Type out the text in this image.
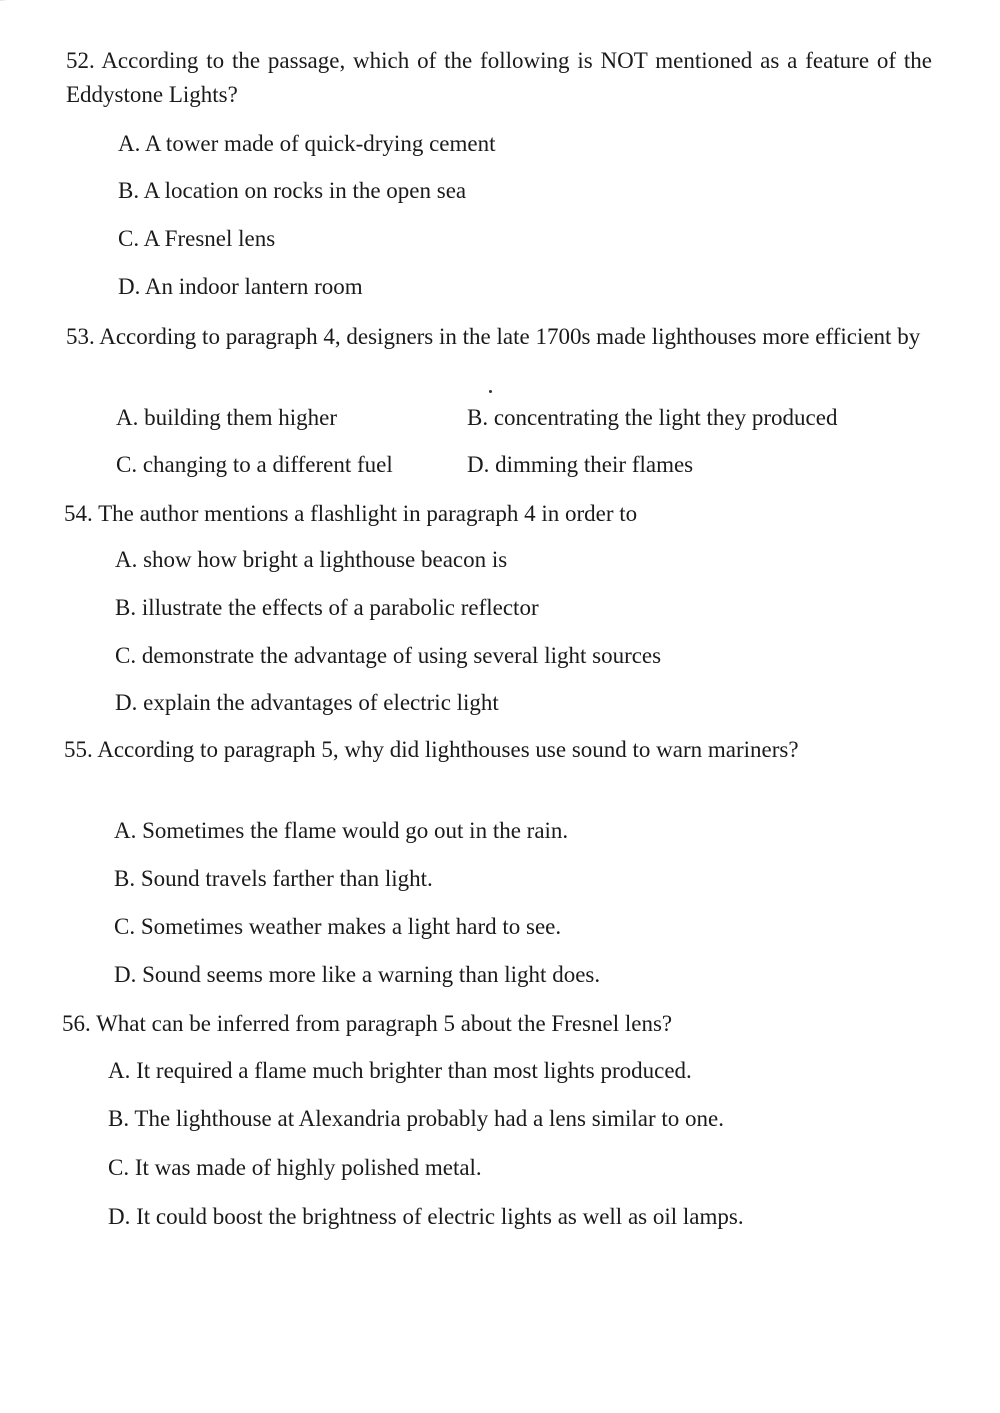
52. According to the passage, which of the following is NOT mentioned as a feature of the Eddystone Lights?
A. A tower made of quick-drying cement
B. A location on rocks in the open sea
C. A Fresnel lens
D. An indoor lantern room
53. According to paragraph 4, designers in the late 1700s made lighthouses more efficient by
A. building them higher	B. concentrating the light they produced
C. changing to a different fuel	D. dimming their flames
54. The author mentions a flashlight in paragraph 4 in order to
A. show how bright a lighthouse beacon is
B. illustrate the effects of a parabolic reflector
C. demonstrate the advantage of using several light sources
D. explain the advantages of electric light
55. According to paragraph 5, why did lighthouses use sound to warn mariners?
A. Sometimes the flame would go out in the rain.
B. Sound travels farther than light.
C. Sometimes weather makes a light hard to see.
D. Sound seems more like a warning than light does.
56. What can be inferred from paragraph 5 about the Fresnel lens?
A. It required a flame much brighter than most lights produced.
B. The lighthouse at Alexandria probably had a lens similar to one.
C. It was made of highly polished metal.
D. It could boost the brightness of electric lights as well as oil lamps.
